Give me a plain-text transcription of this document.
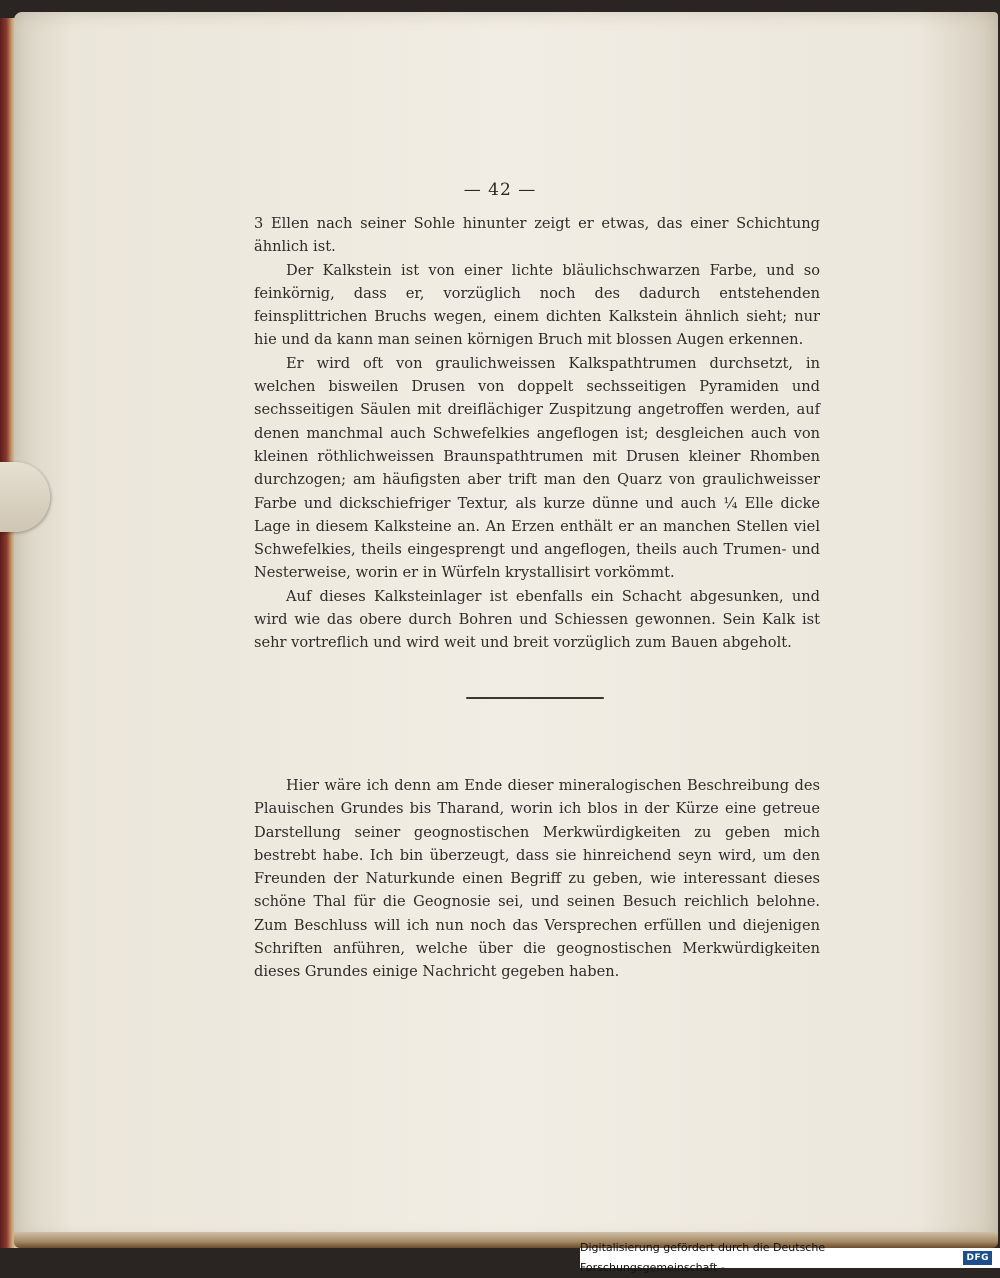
— 42 —

3 Ellen nach seiner Sohle hinunter zeigt er etwas, das einer Schichtung ähnlich ist.

Der Kalkstein ist von einer lichte bläulichschwarzen Farbe, und so feinkörnig, dass er, vorzüglich noch des dadurch entstehenden feinsplittrichen Bruchs wegen, einem dichten Kalkstein ähnlich sieht; nur hie und da kann man seinen körnigen Bruch mit blossen Augen erkennen.

Er wird oft von graulichweissen Kalkspathtrumen durchsetzt, in welchen bisweilen Drusen von doppelt sechsseitigen Pyramiden und sechsseitigen Säulen mit dreiflächiger Zuspitzung angetroffen werden, auf denen manchmal auch Schwefelkies angeflogen ist; desgleichen auch von kleinen röthlichweissen Braunspathtrumen mit Drusen kleiner Rhomben durchzogen; am häufigsten aber trift man den Quarz von graulichweisser Farbe und dickschiefriger Textur, als kurze dünne und auch ¼ Elle dicke Lage in diesem Kalksteine an. An Erzen enthält er an manchen Stellen viel Schwefelkies, theils eingesprengt und angeflogen, theils auch Trumen- und Nesterweise, worin er in Würfeln krystallisirt vorkömmt.

Auf dieses Kalksteinlager ist ebenfalls ein Schacht abgesunken, und wird wie das obere durch Bohren und Schiessen gewonnen. Sein Kalk ist sehr vortreflich und wird weit und breit vorzüglich zum Bauen abgeholt.

Hier wäre ich denn am Ende dieser mineralogischen Beschreibung des Plauischen Grundes bis Tharand, worin ich blos in der Kürze eine getreue Darstellung seiner geognostischen Merkwürdigkeiten zu geben mich bestrebt habe. Ich bin überzeugt, dass sie hinreichend seyn wird, um den Freunden der Naturkunde einen Begriff zu geben, wie interessant dieses schöne Thal für die Geognosie sei, und seinen Besuch reichlich belohne. Zum Beschluss will ich nun noch das Versprechen erfüllen und diejenigen Schriften anführen, welche über die geognostischen Merkwürdigkeiten dieses Grundes einige Nachricht gegeben haben.

Digitalisierung gefördert durch die Deutsche Forschungsgemeinschaft -
DFG
